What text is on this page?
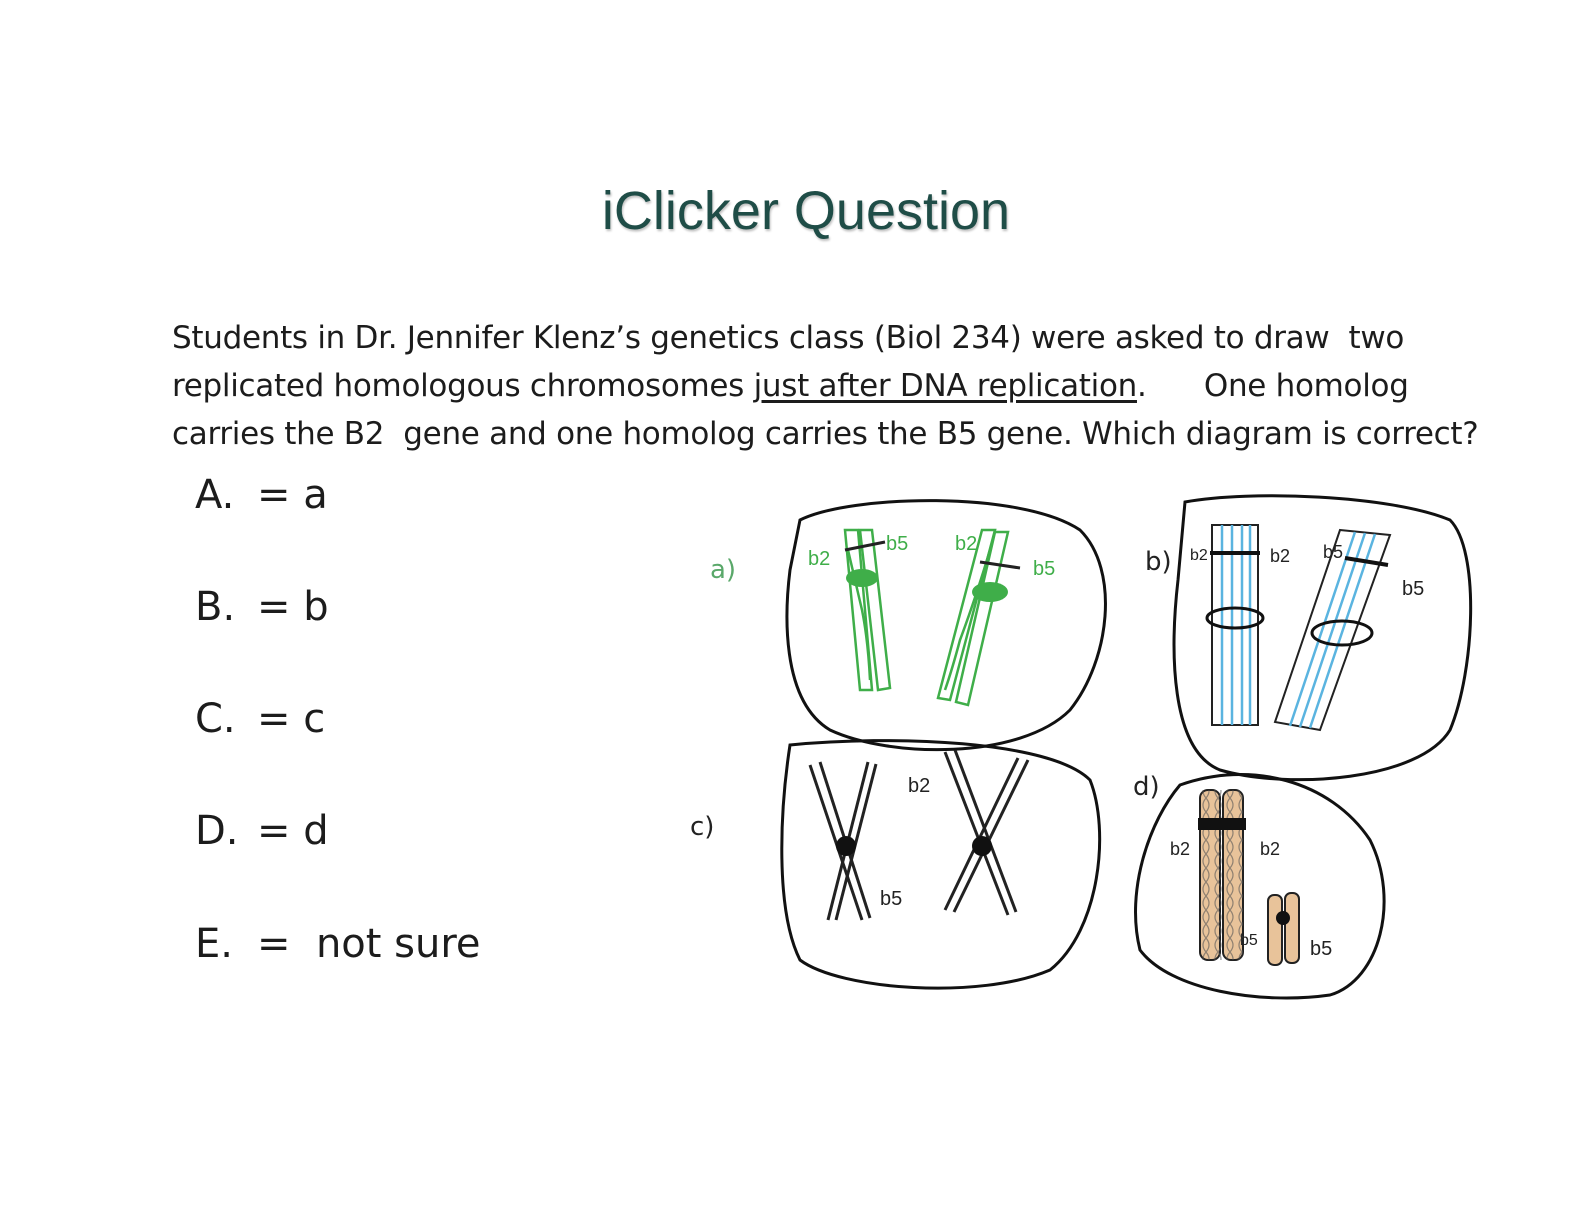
iClicker Question
Students in Dr. Jennifer Klenz’s genetics class (Biol 234) were asked to draw  two
replicated homologous chromosomes just after DNA replication.      One homolog
carries the B2  gene and one homolog carries the B5 gene. Which diagram is correct?
A. = a
B. = b
C. = c
D. = d
E. =  not sure
a)	b2
b5 b2
b5	b) b2	b2 b5
b5
c)
b2
b5
d)
b2	b2
b5	b5
